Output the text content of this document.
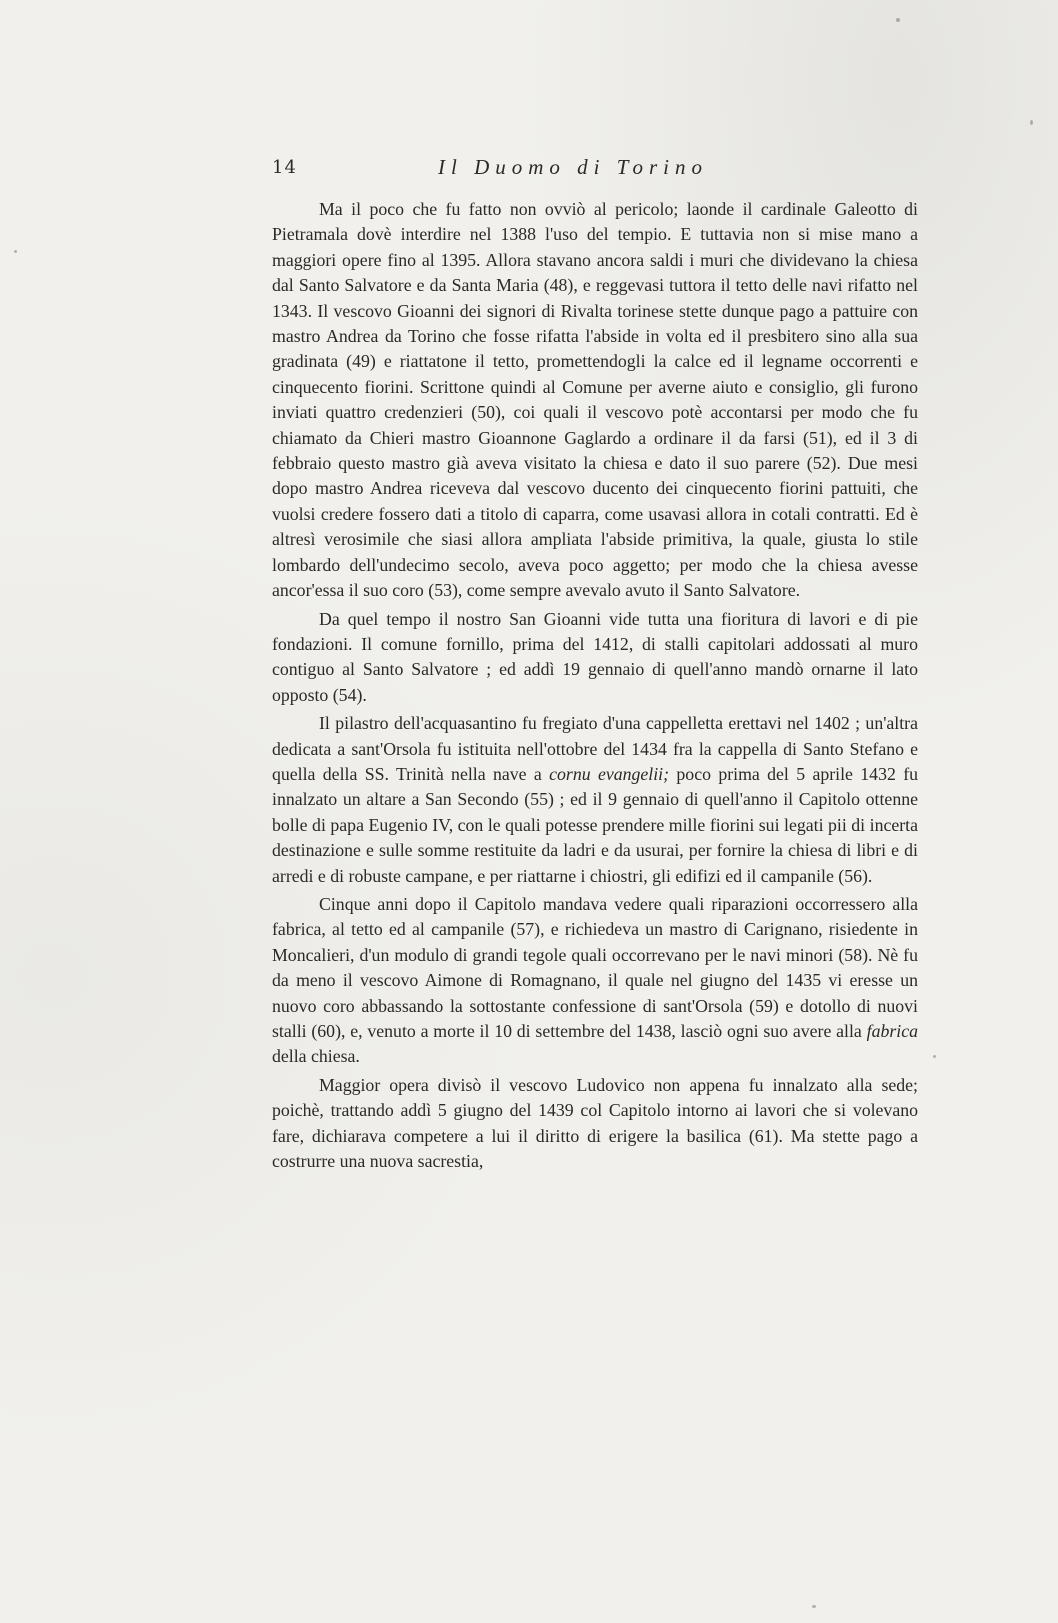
14	Il Duomo di Torino

Ma il poco che fu fatto non ovviò al pericolo; laonde il cardinale Galeotto di Pietramala dovè interdire nel 1388 l'uso del tempio. E tuttavia non si mise mano a maggiori opere fino al 1395. Allora stavano ancora saldi i muri che dividevano la chiesa dal Santo Salvatore e da Santa Maria (48), e reggevasi tuttora il tetto delle navi rifatto nel 1343. Il vescovo Gioanni dei signori di Rivalta torinese stette dunque pago a pattuire con mastro Andrea da Torino che fosse rifatta l'abside in volta ed il presbitero sino alla sua gradinata (49) e riattatone il tetto, promettendogli la calce ed il legname occorrenti e cinquecento fiorini. Scrittone quindi al Comune per averne aiuto e consiglio, gli furono inviati quattro credenzieri (50), coi quali il vescovo potè accontarsi per modo che fu chiamato da Chieri mastro Gioannone Gaglardo a ordinare il da farsi (51), ed il 3 di febbraio questo mastro già aveva visitato la chiesa e dato il suo parere (52). Due mesi dopo mastro Andrea riceveva dal vescovo ducento dei cinquecento fiorini pattuiti, che vuolsi credere fossero dati a titolo di caparra, come usavasi allora in cotali contratti. Ed è altresì verosimile che siasi allora ampliata l'abside primitiva, la quale, giusta lo stile lombardo dell'undecimo secolo, aveva poco aggetto; per modo che la chiesa avesse ancor'essa il suo coro (53), come sempre avevalo avuto il Santo Salvatore.

Da quel tempo il nostro San Gioanni vide tutta una fioritura di lavori e di pie fondazioni. Il comune fornillo, prima del 1412, di stalli capitolari addossati al muro contiguo al Santo Salvatore ; ed addì 19 gennaio di quell'anno mandò ornarne il lato opposto (54).

Il pilastro dell'acquasantino fu fregiato d'una cappelletta erettavi nel 1402 ; un'altra dedicata a sant'Orsola fu istituita nell'ottobre del 1434 fra la cappella di Santo Stefano e quella della SS. Trinità nella nave a cornu evangelii; poco prima del 5 aprile 1432 fu innalzato un altare a San Secondo (55) ; ed il 9 gennaio di quell'anno il Capitolo ottenne bolle di papa Eugenio IV, con le quali potesse prendere mille fiorini sui legati pii di incerta destinazione e sulle somme restituite da ladri e da usurai, per fornire la chiesa di libri e di arredi e di robuste campane, e per riattarne i chiostri, gli edifizi ed il campanile (56).

Cinque anni dopo il Capitolo mandava vedere quali riparazioni occorressero alla fabrica, al tetto ed al campanile (57), e richiedeva un mastro di Carignano, risiedente in Moncalieri, d'un modulo di grandi tegole quali occorrevano per le navi minori (58). Nè fu da meno il vescovo Aimone di Romagnano, il quale nel giugno del 1435 vi eresse un nuovo coro abbassando la sottostante confessione di sant'Orsola (59) e dotollo di nuovi stalli (60), e, venuto a morte il 10 di settembre del 1438, lasciò ogni suo avere alla fabrica della chiesa.

Maggior opera divisò il vescovo Ludovico non appena fu innalzato alla sede; poichè, trattando addì 5 giugno del 1439 col Capitolo intorno ai lavori che si volevano fare, dichiarava competere a lui il diritto di erigere la basilica (61). Ma stette pago a costrurre una nuova sacrestia,
